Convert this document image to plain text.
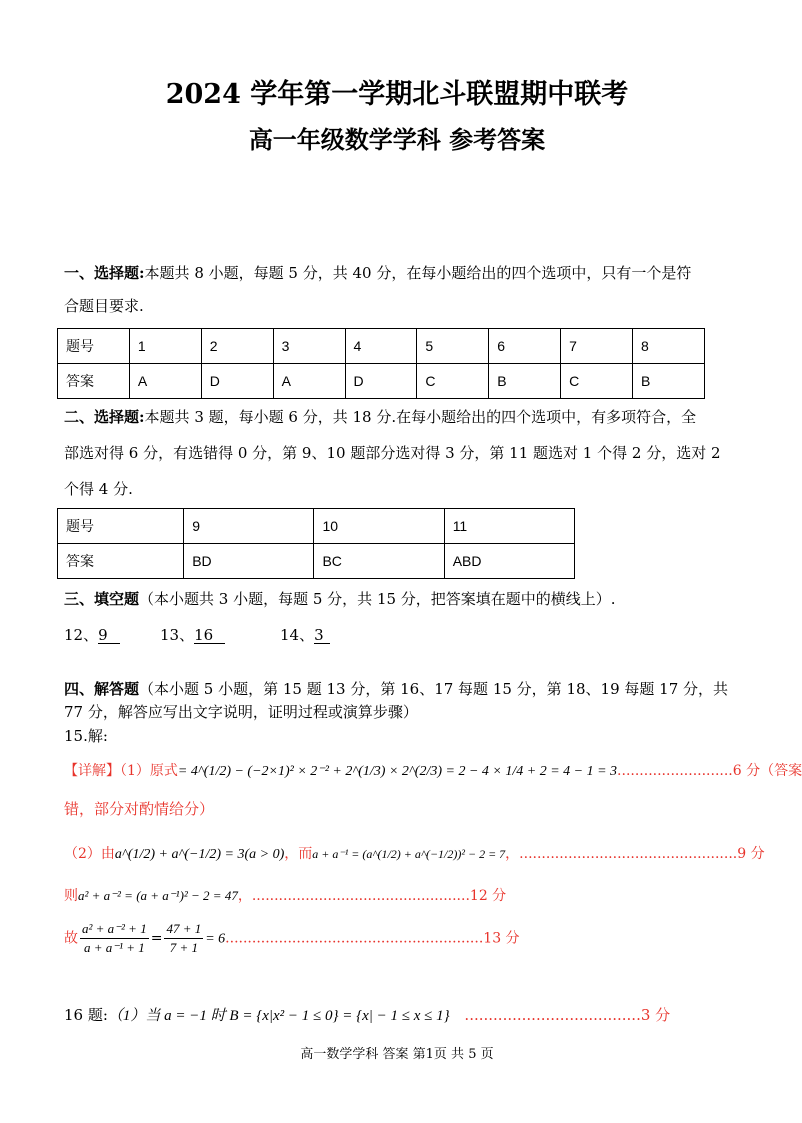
2024 学年第一学期北斗联盟期中联考
高一年级数学学科 参考答案
一、选择题:本题共 8 小题，每题 5 分，共 40 分，在每小题给出的四个选项中，只有一个是符
合题目要求.
题号	1	2	3	4	5	6	7	8
答案	A	D	A	D	C	B	C	B
二、选择题:本题共 3 题，每小题 6 分，共 18 分.在每小题给出的四个选项中，有多项符合，全
部选对得 6 分，有选错得 0 分，第 9、10 题部分选对得 3 分，第 11 题选对 1 个得 2 分，选对 2
个得 4 分.
题号	9	10	11
答案	BD	BC	ABD
三、填空题（本小题共 3 小题，每题 5 分，共 15 分，把答案填在题中的横线上）.
12、9	13、16	14、3
四、解答题（本小题 5 小题，第 15 题 13 分，第 16、17 每题 15 分，第 18、19 每题 17 分，共
77 分，解答应写出文字说明，证明过程或演算步骤）
15.解:
【详解】（1）原式= 4^(1/2) − (−2×1)² × 2⁻² + 2^(1/3) × 2^(2/3) = 2 − 4 × 1/4 + 2 = 4 − 1 = 3..........................6 分（答案
错，部分对酌情给分）
（2）由a^(1/2) + a^(−1/2) = 3(a > 0)，而a + a⁻¹ = (a^(1/2) + a^(−1/2))² − 2 = 7，.................................................9 分
则a² + a⁻² = (a + a⁻¹)² − 2 = 47，.................................................12 分
故 $\frac{\text{a² + a⁻² + 1}}{\text{a + a⁻¹ + 1}} = \frac{47 + 1}{7 + 1} = 6..........................................................13$ 分
16 题:（1）当 a = −1 时 B = {x|x² − 1 ≤ 0} = {x| − 1 ≤ x ≤ 1} .....................................3 分
高一数学学科 答案 第1页 共 5 页
